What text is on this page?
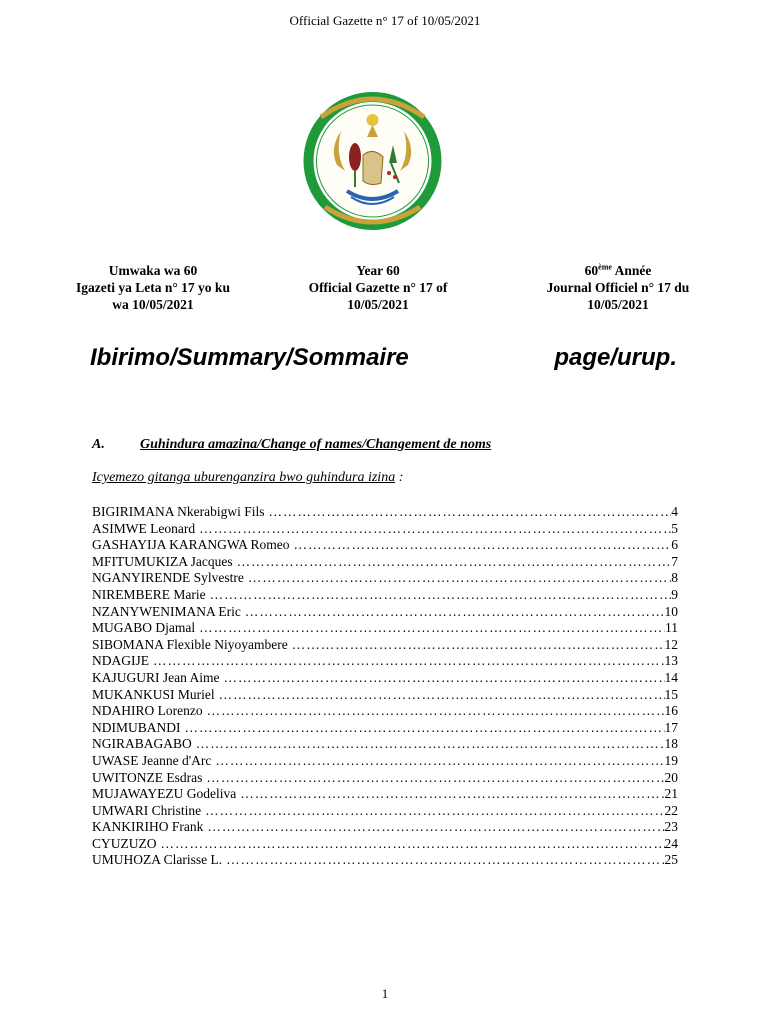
Official Gazette n° 17 of 10/05/2021
Umwaka wa 60
Igazeti ya Leta n° 17 yo ku
wa 10/05/2021
Year 60
Official Gazette n° 17 of
10/05/2021
60ème Année
Journal Officiel n° 17 du
10/05/2021
Ibirimo/Summary/Sommaire	page/urup.
A.	Guhindura amazina/Change of names/Changement de noms
Icyemezo gitanga uburenganzira bwo guhindura izina :
BIGIRIMANA Nkerabigwi Fils ……………………………………………………………………………………………………………………………………	4
ASIMWE Leonard ……………………………………………………………………………………………………………………………………	5
GASHAYIJA KARANGWA Romeo ……………………………………………………………………………………………………………………………………	6
MFITUMUKIZA Jacques ……………………………………………………………………………………………………………………………………	7
NGANYIRENDE Sylvestre ……………………………………………………………………………………………………………………………………	8
NIREMBERE Marie ……………………………………………………………………………………………………………………………………	9
NZANYWENIMANA Eric ……………………………………………………………………………………………………………………………………	10
MUGABO Djamal ……………………………………………………………………………………………………………………………………	11
SIBOMANA Flexible Niyoyambere ……………………………………………………………………………………………………………………………………	12
NDAGIJE ……………………………………………………………………………………………………………………………………	13
KAJUGURI Jean Aime ……………………………………………………………………………………………………………………………………	14
MUKANKUSI Muriel ……………………………………………………………………………………………………………………………………	15
NDAHIRO Lorenzo ……………………………………………………………………………………………………………………………………	16
NDIMUBANDI ……………………………………………………………………………………………………………………………………	17
NGIRABAGABO ……………………………………………………………………………………………………………………………………	18
UWASE Jeanne d'Arc ……………………………………………………………………………………………………………………………………	19
UWITONZE Esdras ……………………………………………………………………………………………………………………………………	20
MUJAWAYEZU Godeliva ……………………………………………………………………………………………………………………………………	21
UMWARI Christine ……………………………………………………………………………………………………………………………………	22
KANKIRIHO Frank ……………………………………………………………………………………………………………………………………	23
CYUZUZO ……………………………………………………………………………………………………………………………………	24
UMUHOZA Clarisse L. ……………………………………………………………………………………………………………………………………	25
1
